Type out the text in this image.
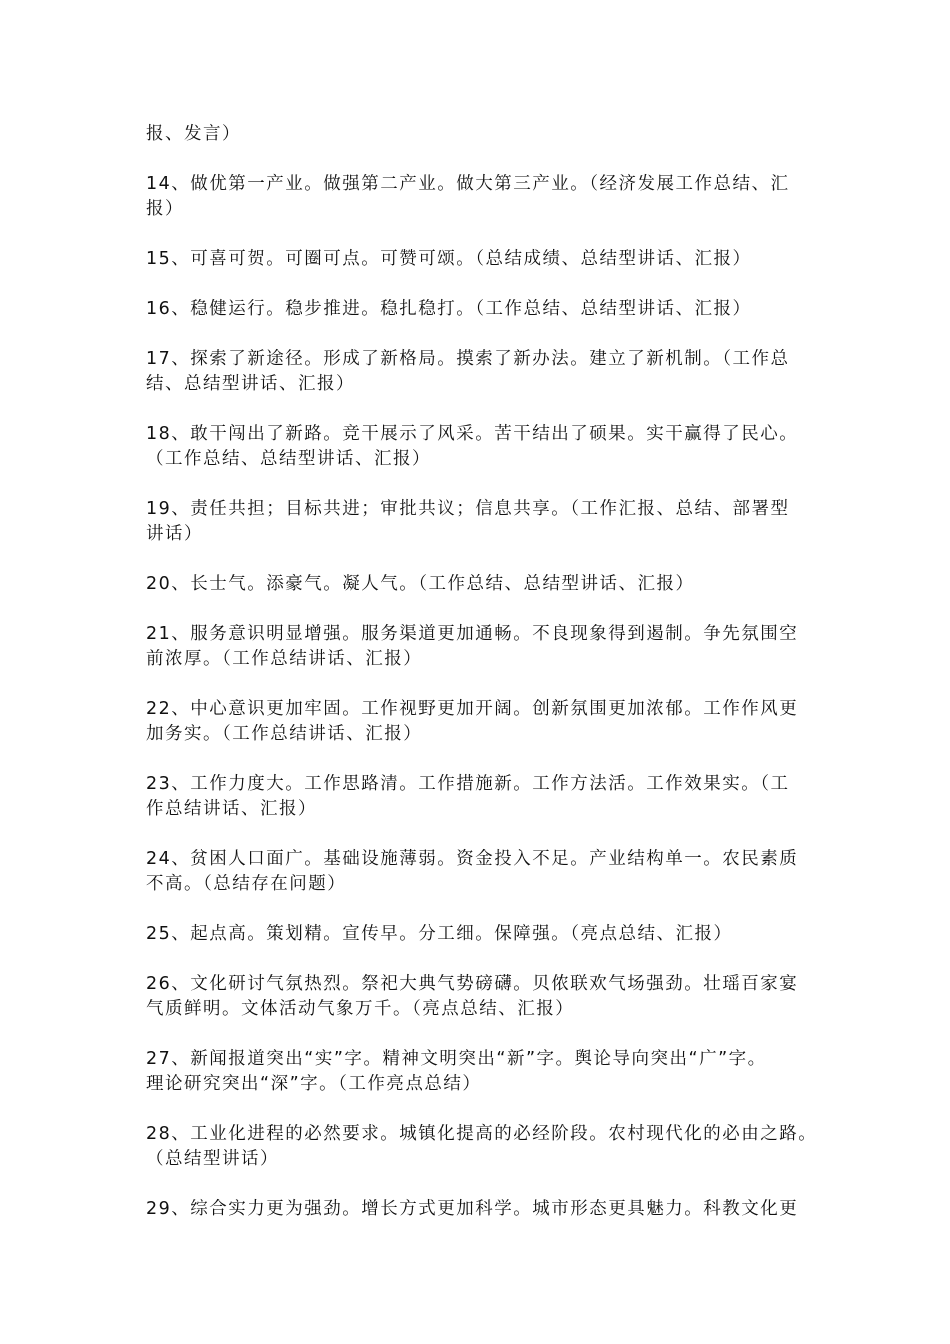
报、发言）
14、做优第一产业。做强第二产业。做大第三产业。（经济发展工作总结、汇
报）
15、可喜可贺。可圈可点。可赞可颂。（总结成绩、总结型讲话、汇报）
16、稳健运行。稳步推进。稳扎稳打。（工作总结、总结型讲话、汇报）
17、探索了新途径。形成了新格局。摸索了新办法。建立了新机制。（工作总
结、总结型讲话、汇报）
18、敢干闯出了新路。竞干展示了风采。苦干结出了硕果。实干赢得了民心。
（工作总结、总结型讲话、汇报）
19、责任共担；目标共进；审批共议；信息共享。（工作汇报、总结、部署型
讲话）
20、长士气。添豪气。凝人气。（工作总结、总结型讲话、汇报）
21、服务意识明显增强。服务渠道更加通畅。不良现象得到遏制。争先氛围空
前浓厚。（工作总结讲话、汇报）
22、中心意识更加牢固。工作视野更加开阔。创新氛围更加浓郁。工作作风更
加务实。（工作总结讲话、汇报）
23、工作力度大。工作思路清。工作措施新。工作方法活。工作效果实。（工
作总结讲话、汇报）
24、贫困人口面广。基础设施薄弱。资金投入不足。产业结构单一。农民素质
不高。（总结存在问题）
25、起点高。策划精。宣传早。分工细。保障强。（亮点总结、汇报）
26、文化研讨气氛热烈。祭祀大典气势磅礴。贝侬联欢气场强劲。壮瑶百家宴
气质鲜明。文体活动气象万千。（亮点总结、汇报）
27、新闻报道突出“实”字。精神文明突出“新”字。舆论导向突出“广”字。
理论研究突出“深”字。（工作亮点总结）
28、工业化进程的必然要求。城镇化提高的必经阶段。农村现代化的必由之路。
（总结型讲话）
29、综合实力更为强劲。增长方式更加科学。城市形态更具魅力。科教文化更
